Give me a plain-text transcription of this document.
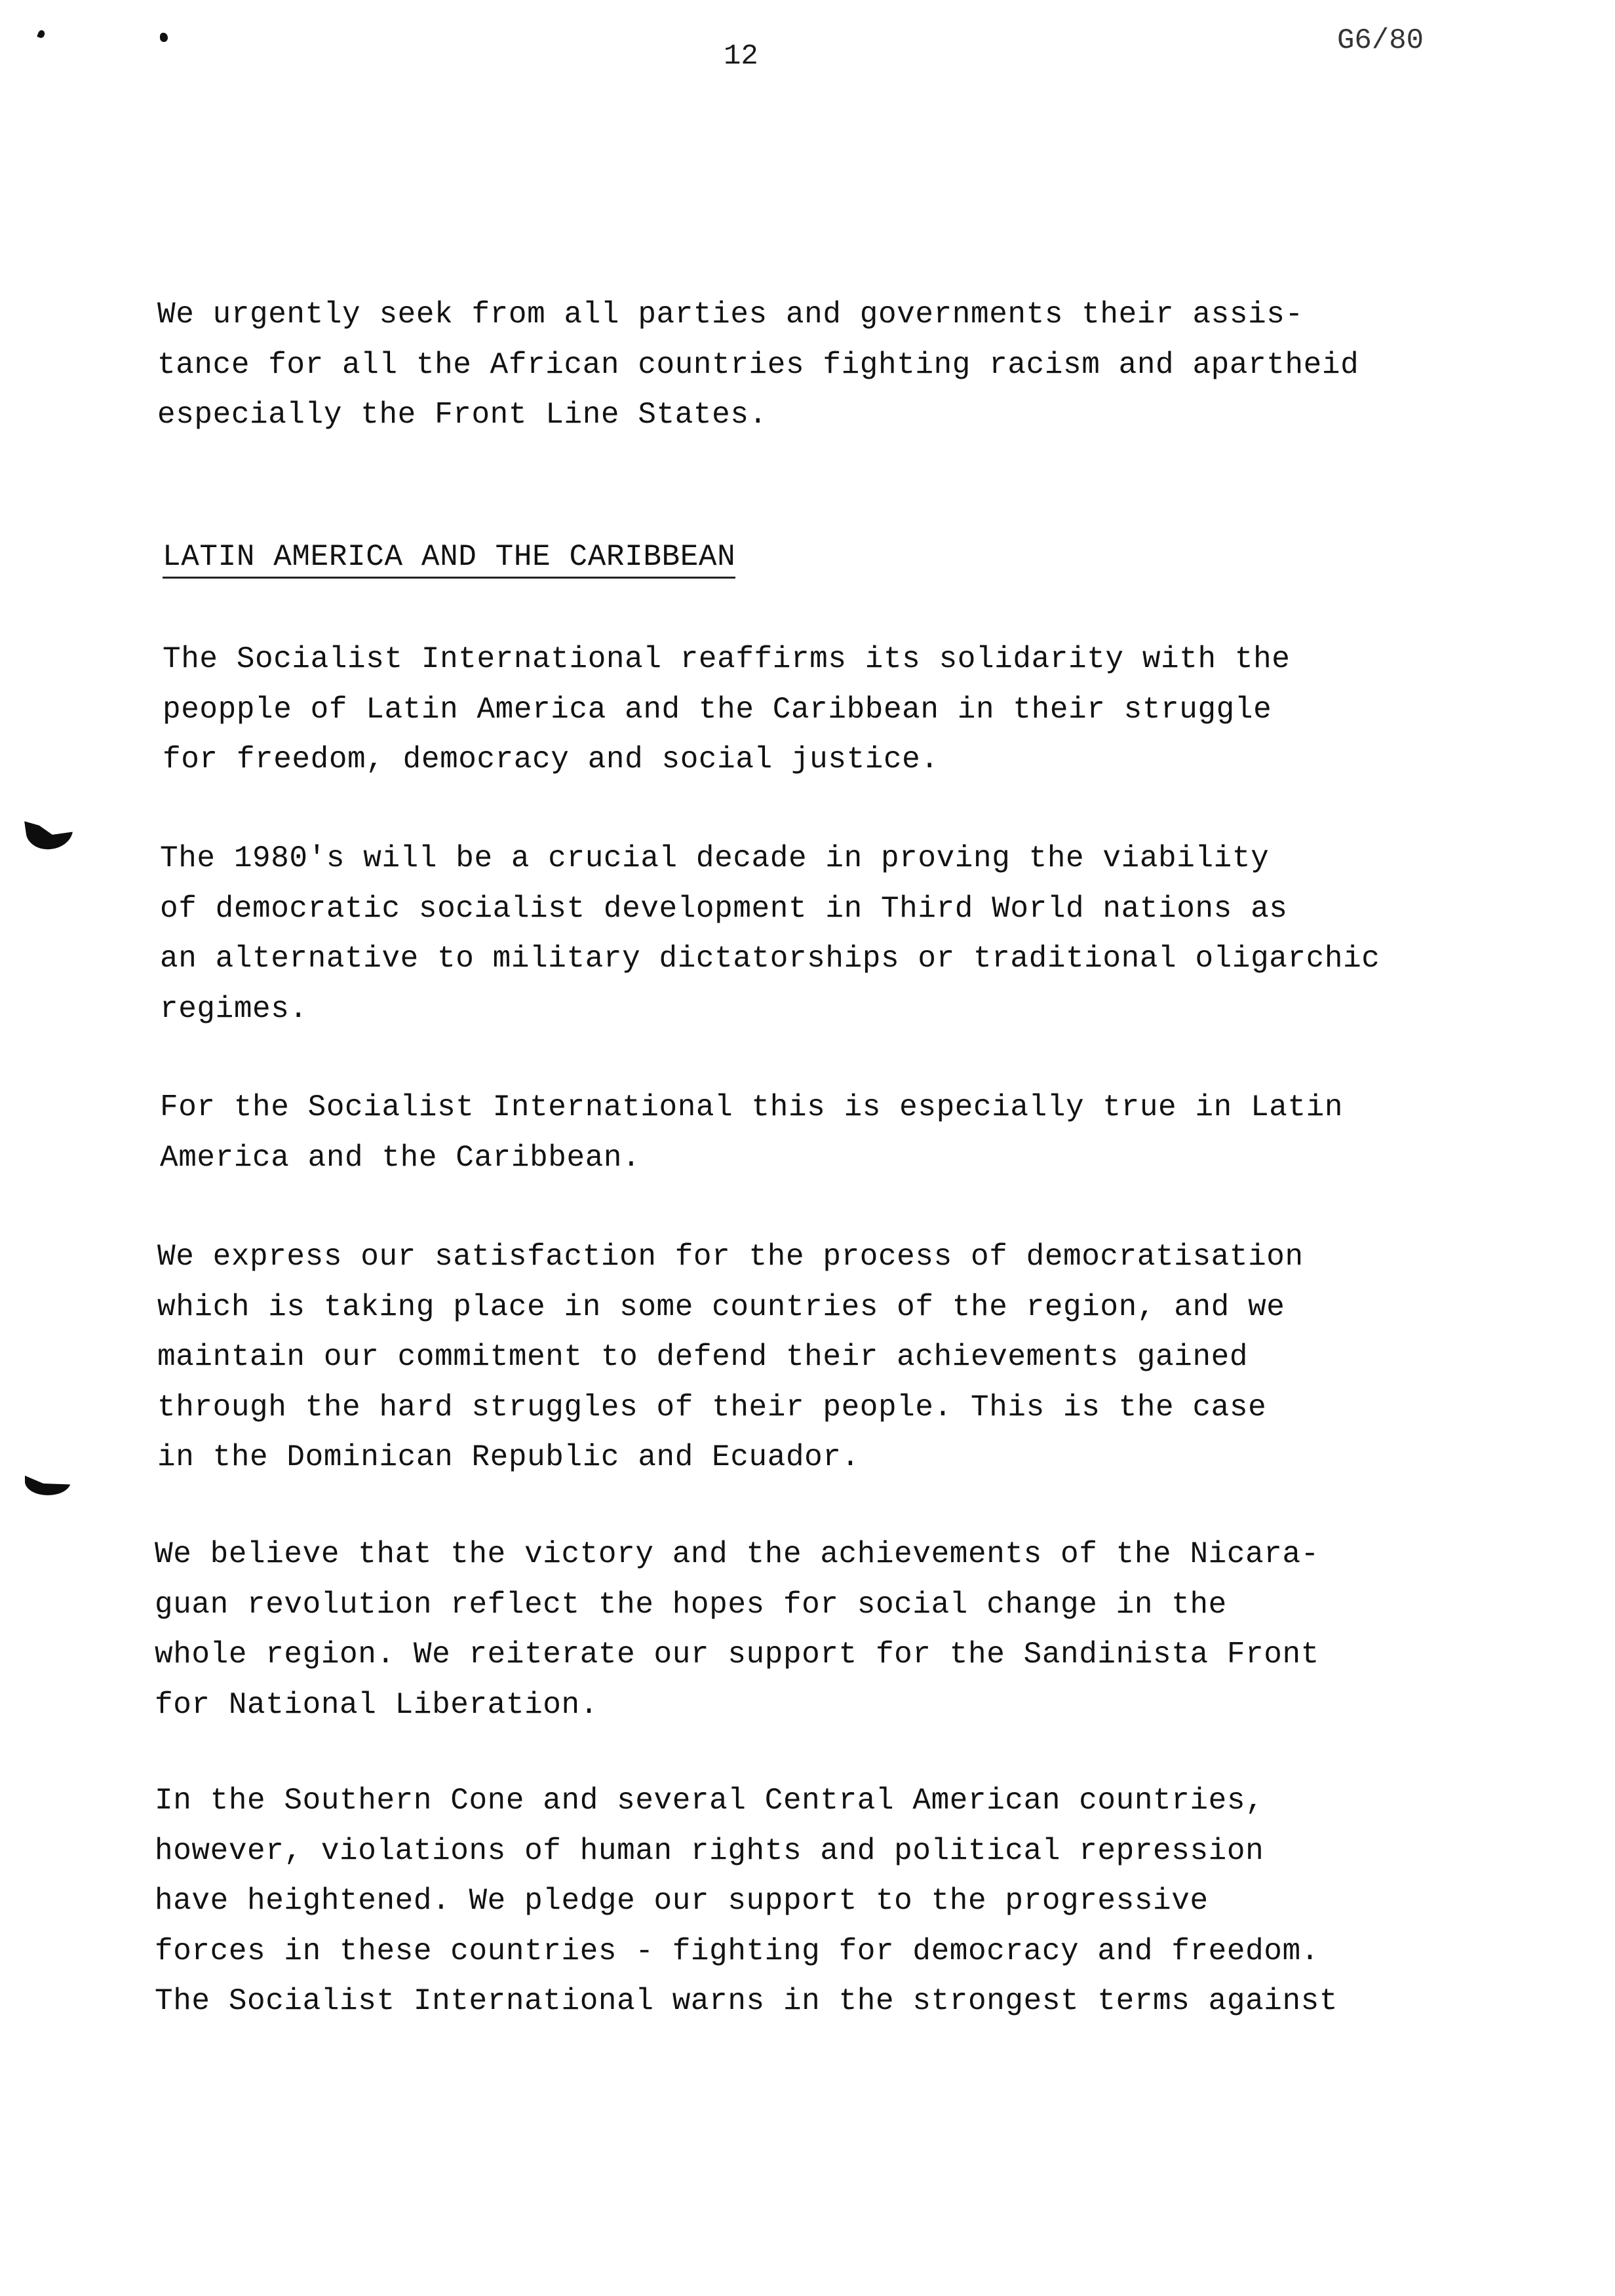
12	G6/80
We urgently seek from all parties and governments their assis-
tance for all the African countries fighting racism and apartheid
especially the Front Line States.
LATIN AMERICA AND THE CARIBBEAN
The Socialist International reaffirms its solidarity with the
peopple of Latin America and the Caribbean in their struggle
for freedom, democracy and social justice.
The 1980's will be a crucial decade in proving the viability
of democratic socialist development in Third World nations as
an alternative to military dictatorships or traditional oligarchic
regimes.
For the Socialist International this is especially true in Latin
America and the Caribbean.
We express our satisfaction for the process of democratisation
which is taking place in some countries of the region, and we
maintain our commitment to defend their achievements gained
through the hard struggles of their people. This is the case
in the Dominican Republic and Ecuador.
We believe that the victory and the achievements of the Nicara-
guan revolution reflect the hopes for social change in the
whole region. We reiterate our support for the Sandinista Front
for National Liberation.
In the Southern Cone and several Central American countries,
however, violations of human rights and political repression
have heightened. We pledge our support to the progressive
forces in these countries - fighting for democracy and freedom.
The Socialist International warns in the strongest terms against
